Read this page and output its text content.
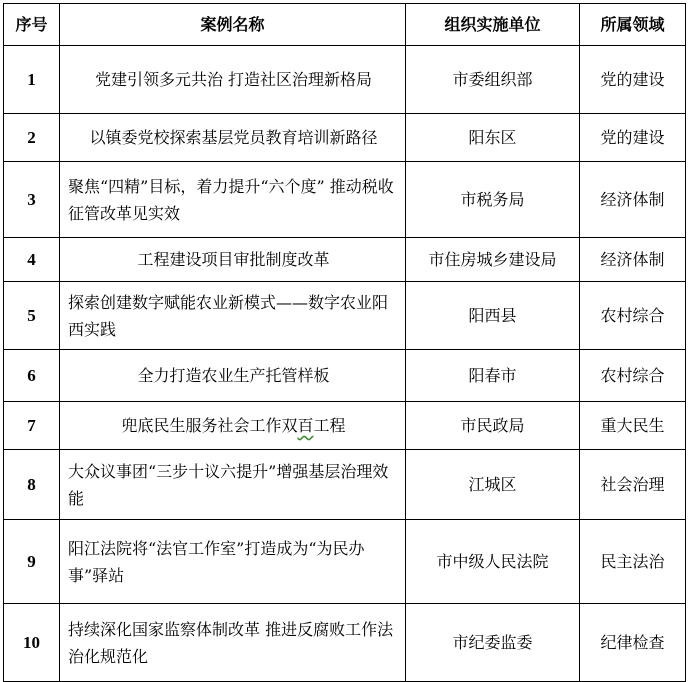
序号	案例名称	组织实施单位	所属领域
1	党建引领多元共治 打造社区治理新格局	市委组织部	党的建设
2	以镇委党校探索基层党员教育培训新路径	阳东区	党的建设
3	聚焦“四精”目标，着力提升“六个度” 推动税收征管改革见实效	市税务局	经济体制
4	工程建设项目审批制度改革	市住房城乡建设局	经济体制
5	探索创建数字赋能农业新模式——数字农业阳西实践	阳西县	农村综合
6	全力打造农业生产托管样板	阳春市	农村综合
7	兜底民生服务社会工作双百工程	市民政局	重大民生
8	大众议事团“三步十议六提升”增强基层治理效能	江城区	社会治理
9	阳江法院将“法官工作室”打造成为“为民办事”驿站	市中级人民法院	民主法治
10	持续深化国家监察体制改革 推进反腐败工作法治化规范化	市纪委监委	纪律检查
